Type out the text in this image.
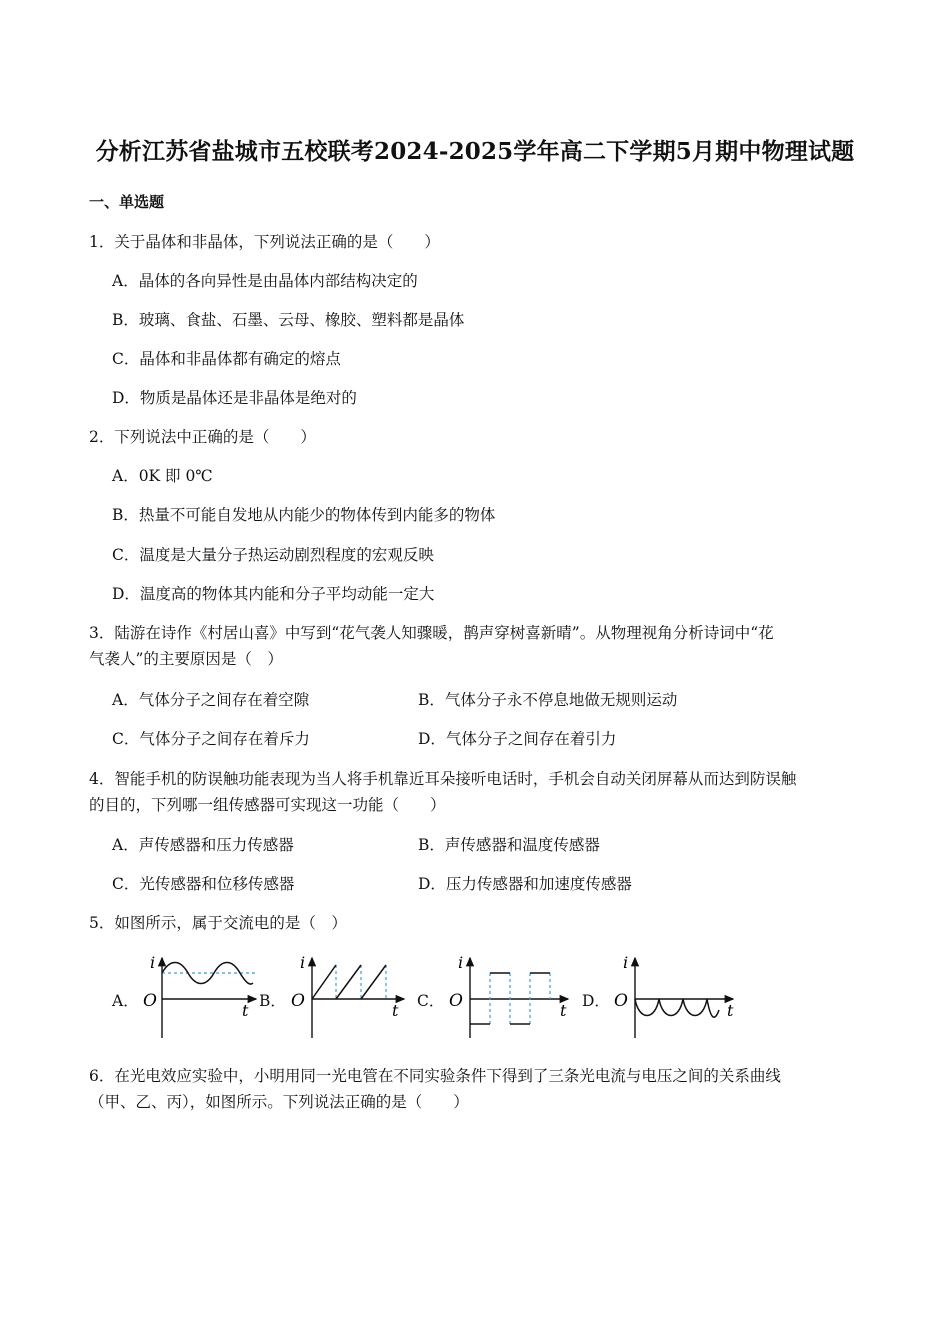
分析江苏省盐城市五校联考2024-2025学年高二下学期5月期中物理试题
一、单选题
1．关于晶体和非晶体，下列说法正确的是（　　）
A．晶体的各向异性是由晶体内部结构决定的
B．玻璃、食盐、石墨、云母、橡胶、塑料都是晶体
C．晶体和非晶体都有确定的熔点
D．物质是晶体还是非晶体是绝对的
2．下列说法中正确的是（　　）
A．0K 即 0℃
B．热量不可能自发地从内能少的物体传到内能多的物体
C．温度是大量分子热运动剧烈程度的宏观反映
D．温度高的物体其内能和分子平均动能一定大
3．陆游在诗作《村居山喜》中写到“花气袭人知骤暖，鹊声穿树喜新晴”。从物理视角分析诗词中“花
气袭人”的主要原因是（　）
A．气体分子之间存在着空隙	B．气体分子永不停息地做无规则运动
C．气体分子之间存在着斥力	D．气体分子之间存在着引力
4．智能手机的防误触功能表现为当人将手机靠近耳朵接听电话时，手机会自动关闭屏幕从而达到防误触
的目的，下列哪一组传感器可实现这一功能（　　）
A．声传感器和压力传感器	B．声传感器和温度传感器
C．光传感器和位移传感器	D．压力传感器和加速度传感器
5．如图所示，属于交流电的是（　）
A．	B．	C．	D．
i
O	t
i
O	t
i
O	t
i
O	t
6．在光电效应实验中，小明用同一光电管在不同实验条件下得到了三条光电流与电压之间的关系曲线
（甲、乙、丙），如图所示。下列说法正确的是（　　）
